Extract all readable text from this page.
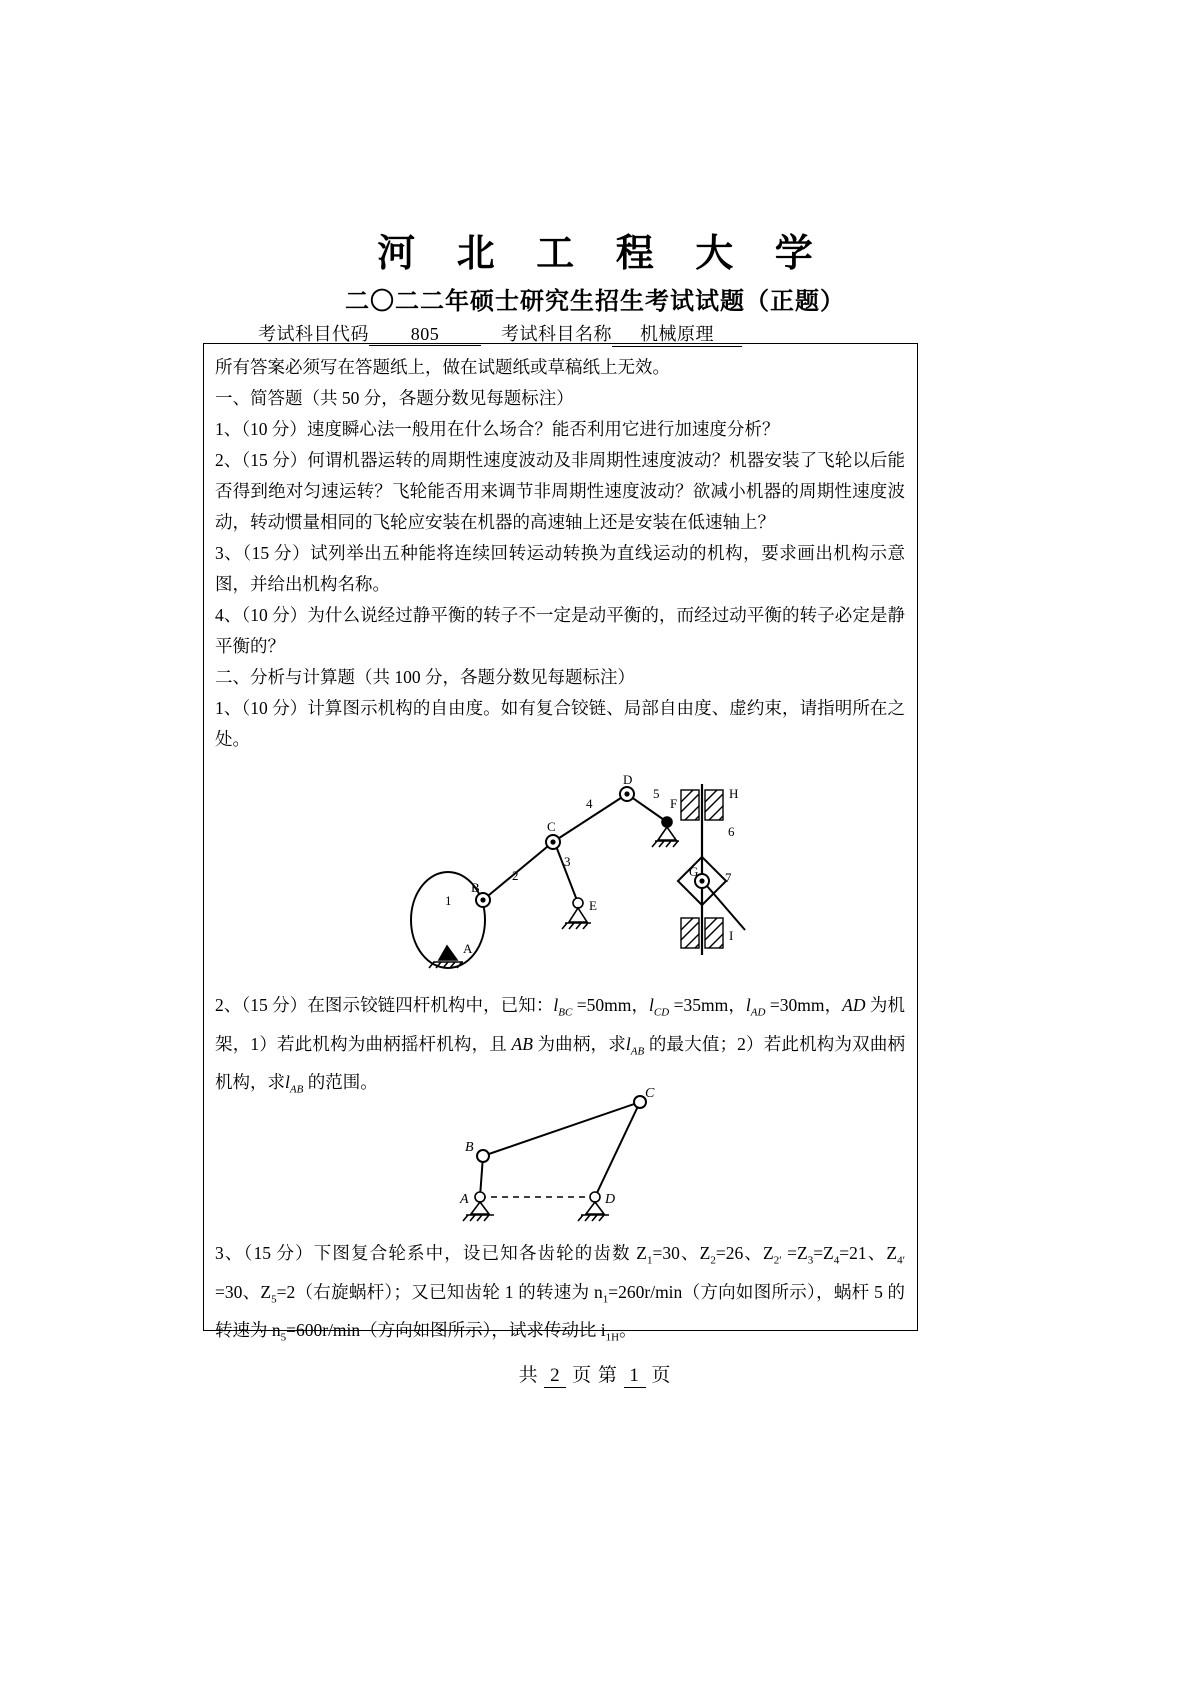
河 北 工 程 大 学
二〇二二年硕士研究生招生考试试题（正题）
考试科目代码 805	考试科目名称 机械原理
所有答案必须写在答题纸上，做在试题纸或草稿纸上无效。
一、简答题（共 50 分，各题分数见每题标注）
1、（10 分）速度瞬心法一般用在什么场合？能否利用它进行加速度分析？
2、（15 分）何谓机器运转的周期性速度波动及非周期性速度波动？机器安装了飞轮以后能否得到绝对匀速运转？飞轮能否用来调节非周期性速度波动？欲减小机器的周期性速度波动，转动惯量相同的飞轮应安装在机器的高速轴上还是安装在低速轴上？
3、（15 分）试列举出五种能将连续回转运动转换为直线运动的机构，要求画出机构示意图，并给出机构名称。
4、（10 分）为什么说经过静平衡的转子不一定是动平衡的，而经过动平衡的转子必定是静平衡的？
二、分析与计算题（共 100 分，各题分数见每题标注）
1、（10 分）计算图示机构的自由度。如有复合铰链、局部自由度、虚约束，请指明所在之处。
A
B
C
D
E
F
G
H
I
1
2
3
4
5
6
7
2、（15 分）在图示铰链四杆机构中，已知：$l_{BC} =50mm$，$l_{CD} =35mm$，$l_{AD} =30mm$，AD 为机架，1）若此机构为曲柄摇杆机构，且 AB 为曲柄，求$l_{AB}$ 的最大值；2）若此机构为双曲柄机构，求$l_{AB}$ 的范围。
B
C
A	D
3、（15 分）下图复合轮系中，设已知各齿轮的齿数 $Z_1=30$、$Z_2=26$、$Z_{2'} =Z_3=Z_4=21$、$Z_{4'} =30$、$Z_5=2$（右旋蜗杆）；又已知齿轮 1 的转速为 $n_1=260r/\min$（方向如图所示），蜗杆 5 的转速为 $n_5=600r/\min$（方向如图所示），试求传动比 $i_{1H}$。
共 2 页 第 1 页
